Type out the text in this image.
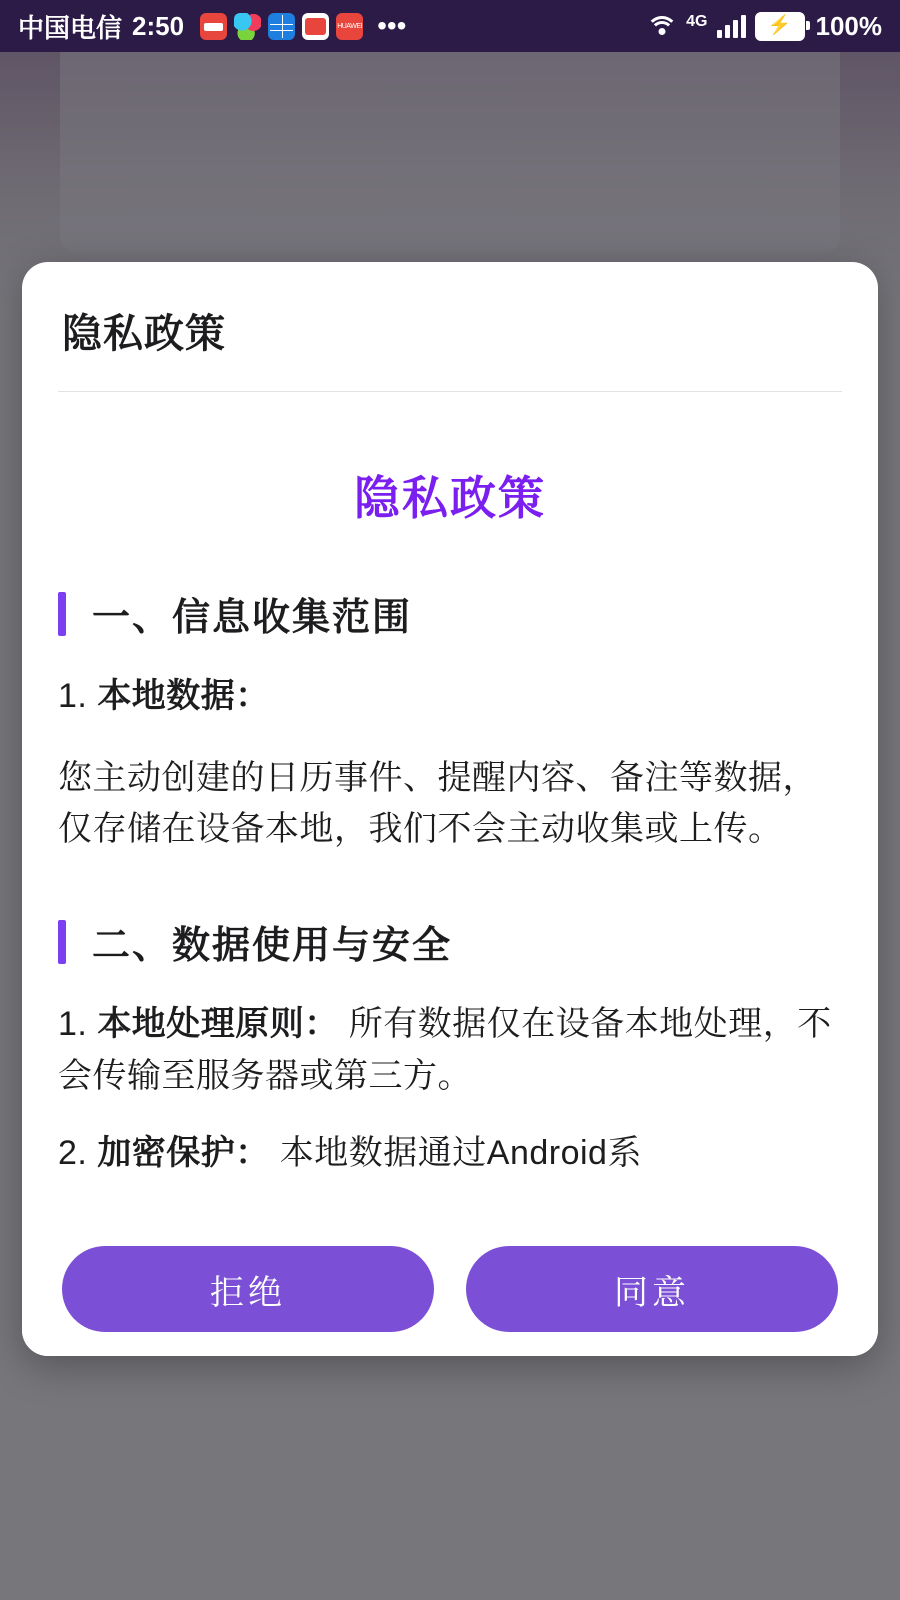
中国电信 2:50	HUAWEI •••	4G	⚡ 100%
隐私政策
隐私政策
一、信息收集范围
1. 本地数据：
您主动创建的日历事件、提醒内容、备注等数据，仅存储在设备本地，我们不会主动收集或上传。
二、数据使用与安全
1. 本地处理原则： 所有数据仅在设备本地处理，不会传输至服务器或第三方。
2. 加密保护： 本地数据通过Android系
拒绝	同意
